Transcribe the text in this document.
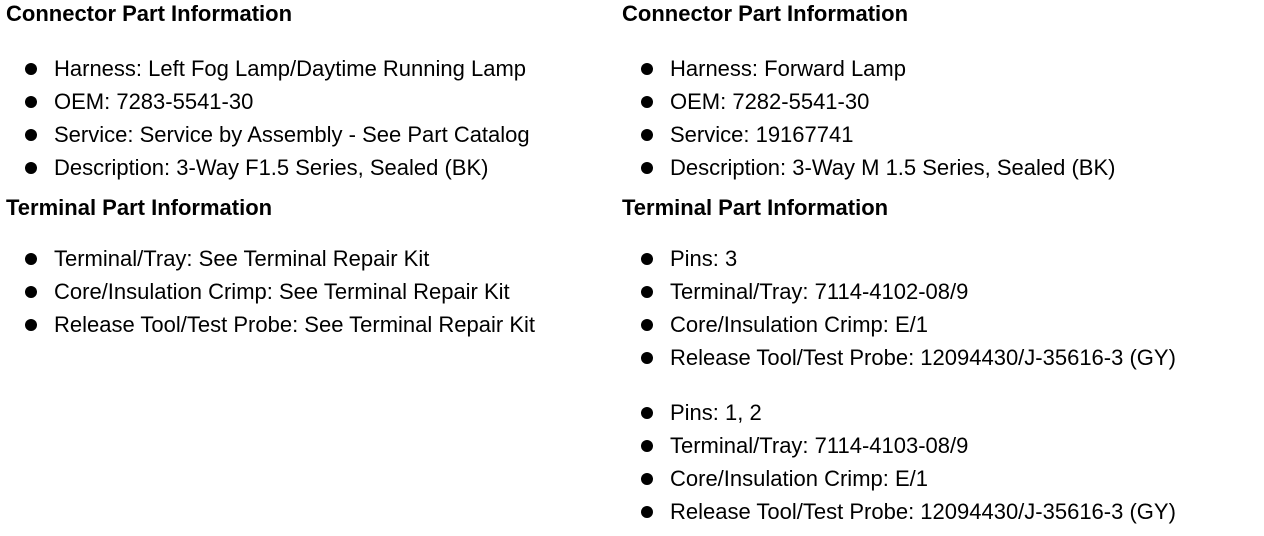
Connector Part Information
Harness: Left Fog Lamp/Daytime Running Lamp
OEM: 7283-5541-30
Service: Service by Assembly - See Part Catalog
Description: 3-Way F1.5 Series, Sealed (BK)
Terminal Part Information
Terminal/Tray: See Terminal Repair Kit
Core/Insulation Crimp: See Terminal Repair Kit
Release Tool/Test Probe: See Terminal Repair Kit
Connector Part Information
Harness: Forward Lamp
OEM: 7282-5541-30
Service: 19167741
Description: 3-Way M 1.5 Series, Sealed (BK)
Terminal Part Information
Pins: 3
Terminal/Tray: 7114-4102-08/9
Core/Insulation Crimp: E/1
Release Tool/Test Probe: 12094430/J-35616-3 (GY)
Pins: 1, 2
Terminal/Tray: 7114-4103-08/9
Core/Insulation Crimp: E/1
Release Tool/Test Probe: 12094430/J-35616-3 (GY)
